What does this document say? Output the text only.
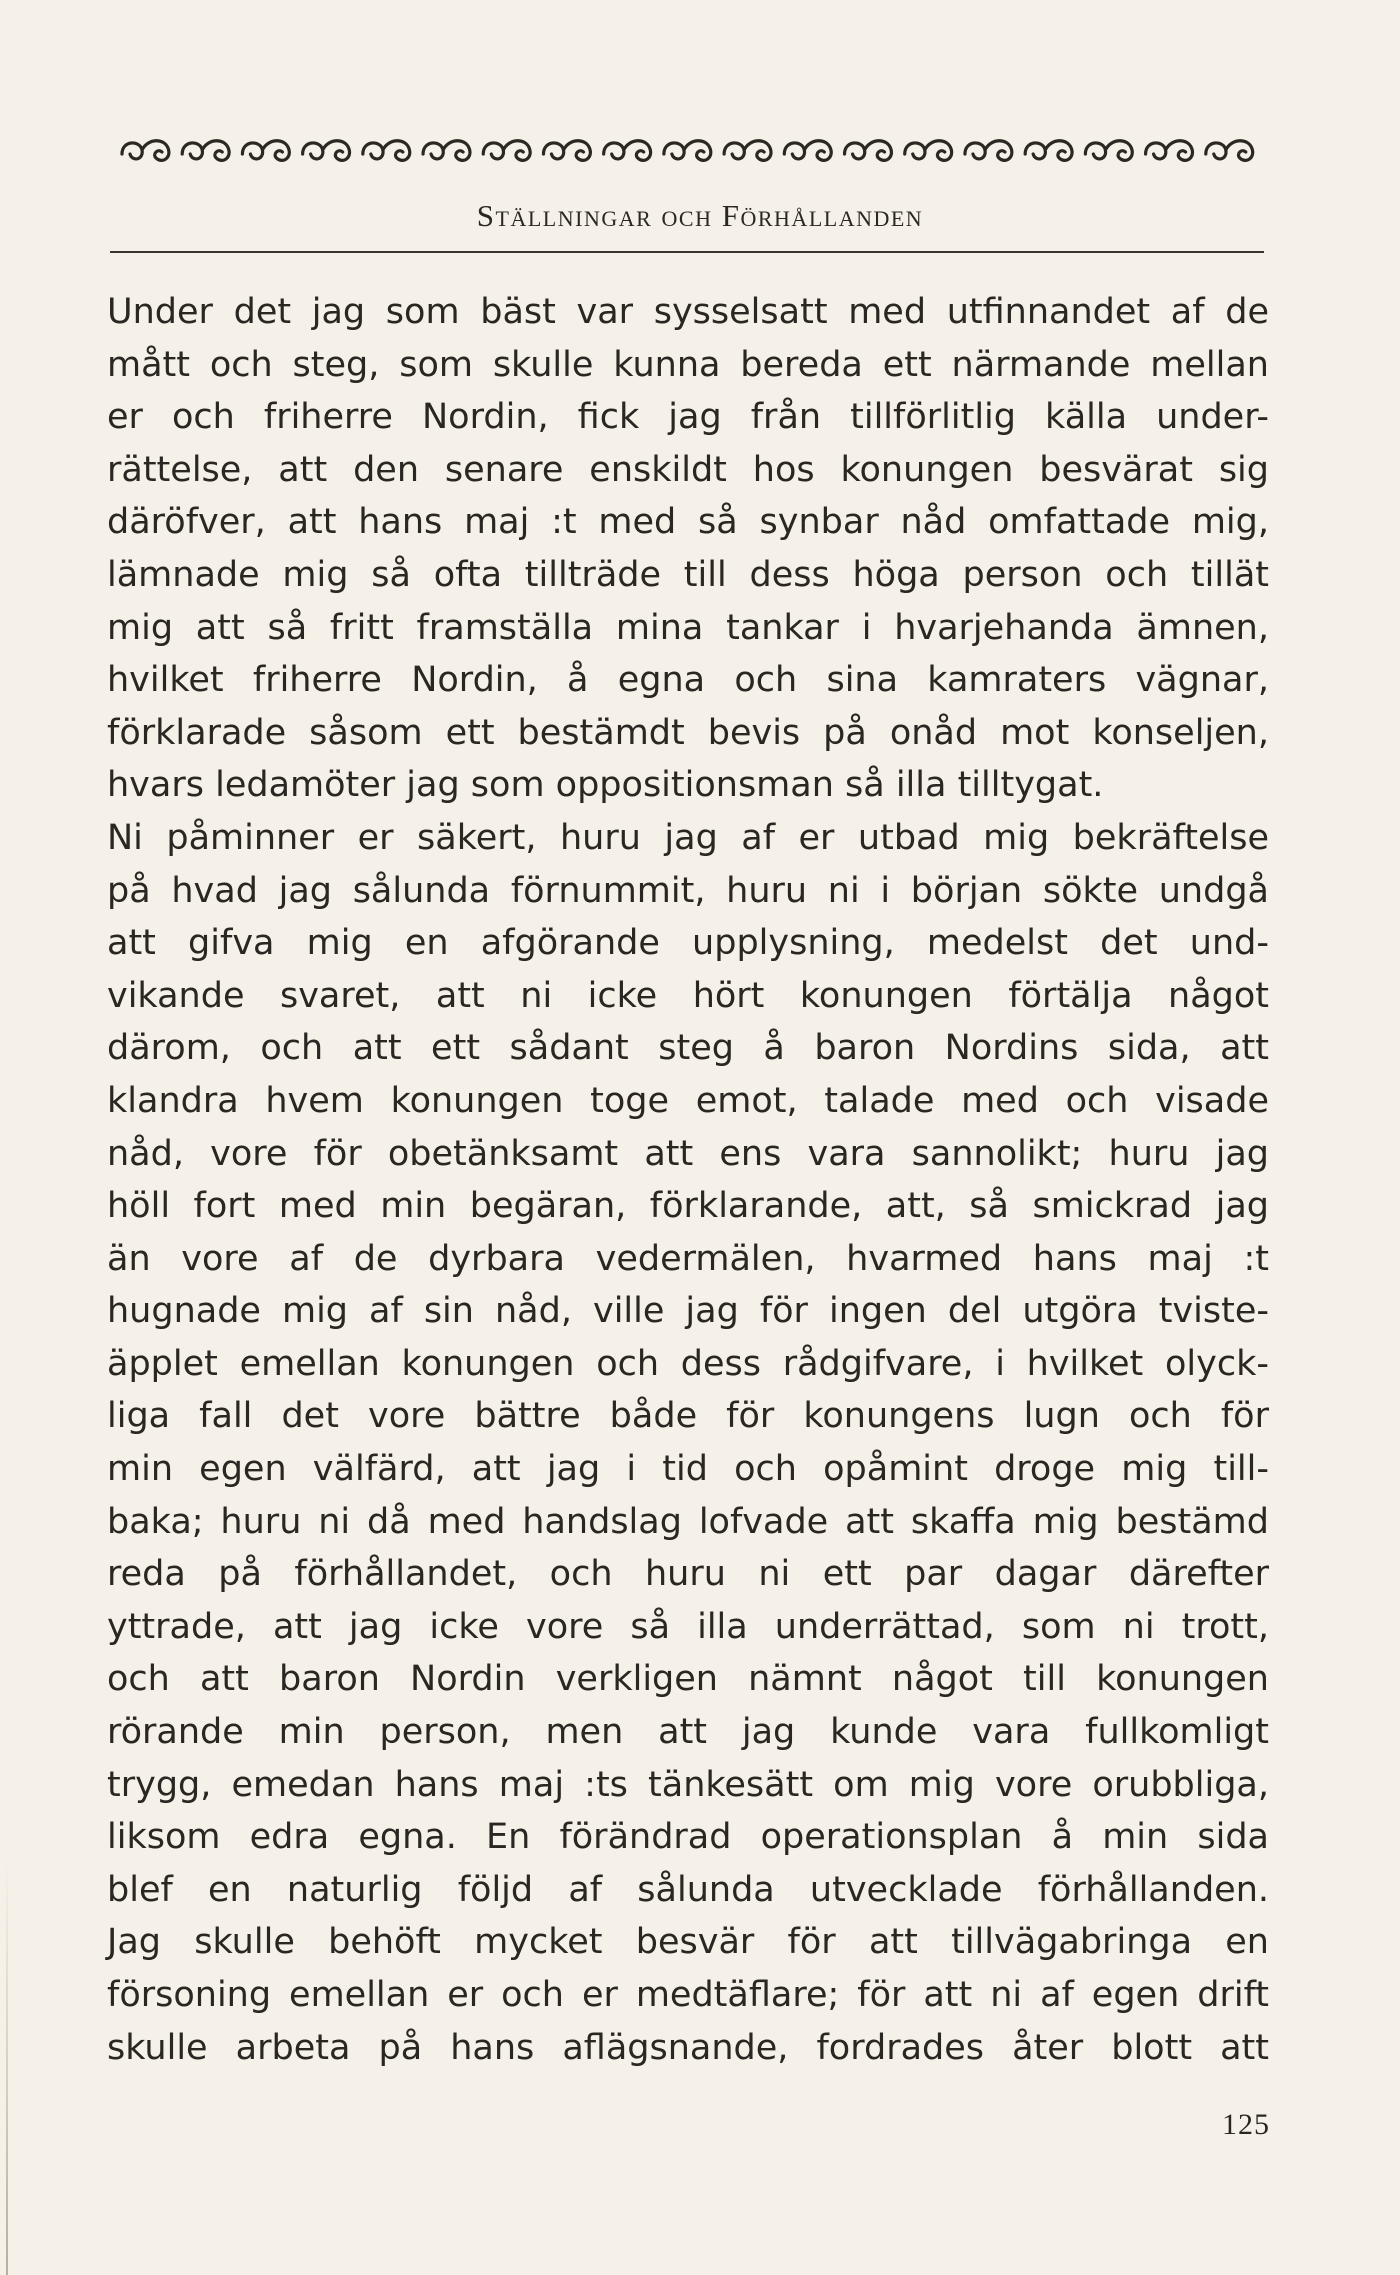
Ställningar och Förhållanden
Under det jag som bäst var sysselsatt med utfinnandet af de
mått och steg, som skulle kunna bereda ett närmande mellan
er och friherre Nordin, fick jag från tillförlitlig källa under-
rättelse, att den senare enskildt hos konungen besvärat sig
däröfver, att hans maj :t med så synbar nåd omfattade mig,
lämnade mig så ofta tillträde till dess höga person och tillät
mig att så fritt framställa mina tankar i hvarjehanda ämnen,
hvilket friherre Nordin, å egna och sina kamraters vägnar,
förklarade såsom ett bestämdt bevis på onåd mot konseljen,
hvars ledamöter jag som oppositionsman så illa tilltygat.
Ni påminner er säkert, huru jag af er utbad mig bekräftelse
på hvad jag sålunda förnummit, huru ni i början sökte undgå
att gifva mig en afgörande upplysning, medelst det und-
vikande svaret, att ni icke hört konungen förtälja något
därom, och att ett sådant steg å baron Nordins sida, att
klandra hvem konungen toge emot, talade med och visade
nåd, vore för obetänksamt att ens vara sannolikt; huru jag
höll fort med min begäran, förklarande, att, så smickrad jag
än vore af de dyrbara vedermälen, hvarmed hans maj :t
hugnade mig af sin nåd, ville jag för ingen del utgöra tviste-
äpplet emellan konungen och dess rådgifvare, i hvilket olyck-
liga fall det vore bättre både för konungens lugn och för
min egen välfärd, att jag i tid och opåmint droge mig till-
baka; huru ni då med handslag lofvade att skaffa mig bestämd
reda på förhållandet, och huru ni ett par dagar därefter
yttrade, att jag icke vore så illa underrättad, som ni trott,
och att baron Nordin verkligen nämnt något till konungen
rörande min person, men att jag kunde vara fullkomligt
trygg, emedan hans maj :ts tänkesätt om mig vore orubbliga,
liksom edra egna. En förändrad operationsplan å min sida
blef en naturlig följd af sålunda utvecklade förhållanden.
Jag skulle behöft mycket besvär för att tillvägabringa en
försoning emellan er och er medtäflare; för att ni af egen drift
skulle arbeta på hans aflägsnande, fordrades åter blott att
125
